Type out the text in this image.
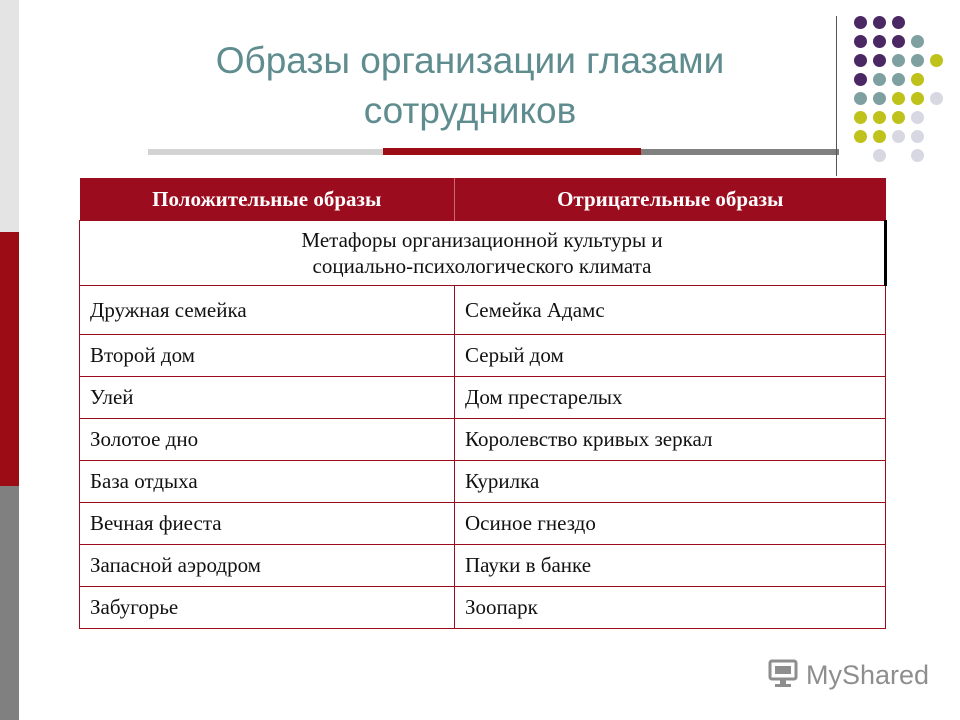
Образы организации глазами
сотрудников
Положительные образы	Отрицательные образы
Метафоры организационной культуры и
социально-психологического климата	
Дружная семейка	Семейка Адамс
Второй дом	Серый дом
Улей	Дом престарелых
Золотое дно	Королевство кривых зеркал
База отдыха	Курилка
Вечная фиеста	Осиное гнездо
Запасной аэродром	Пауки в банке
Забугорье	Зоопарк
MyShared
